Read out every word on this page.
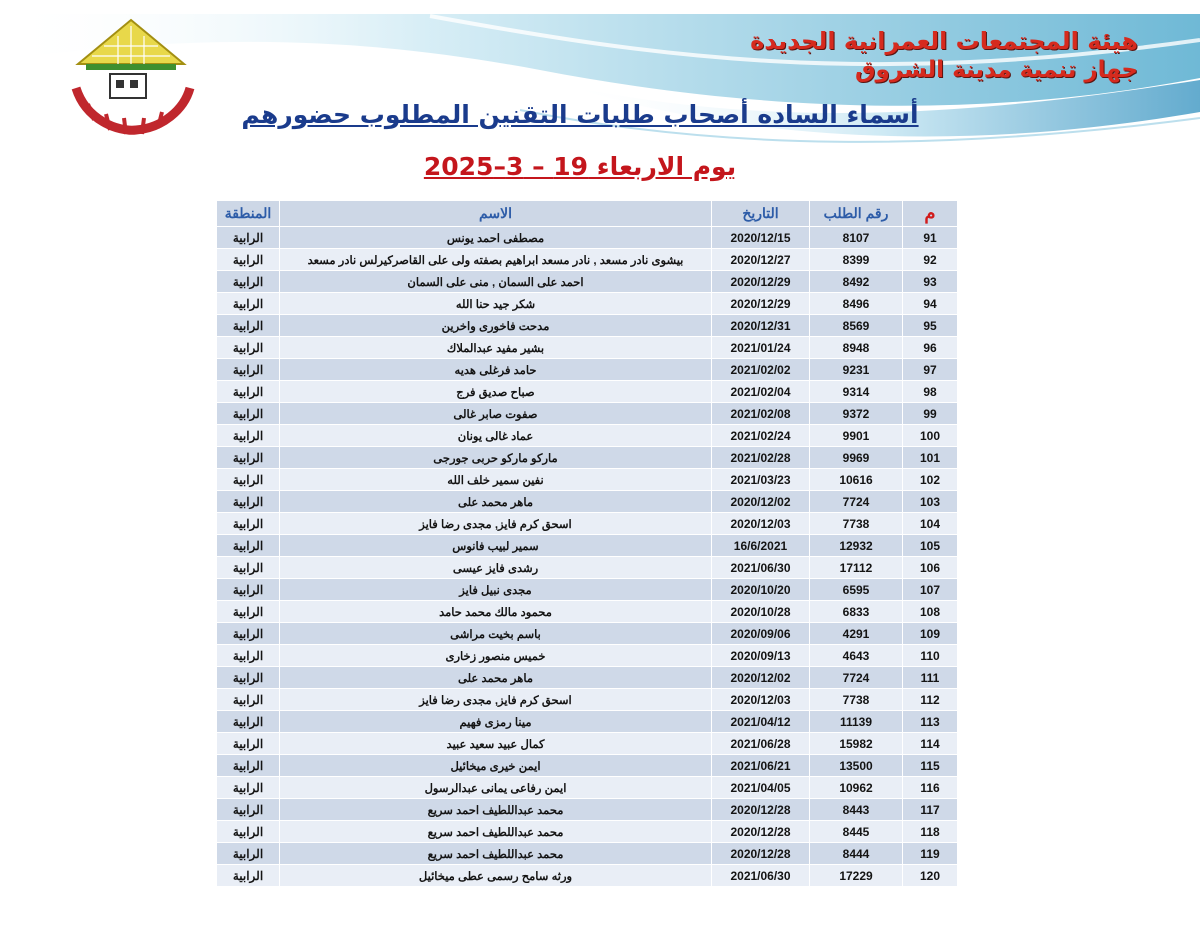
هيئة المجتمعات العمرانية الجديدة
جهاز تنمية مدينة الشروق
أسماء الساده أصحاب طلبات التقنين المطلوب حضورهم
يوم الاربعاء 19 – 3–2025
م	رقم الطلب	التاريخ	الاسم	المنطقة
91	8107	2020/12/15	مصطفى احمد يونس	الرابية
92	8399	2020/12/27	بيشوى نادر مسعد , نادر مسعد ابراهيم بصفته ولى على القاصركيرلس نادر مسعد	الرابية
93	8492	2020/12/29	احمد على السمان , منى على السمان	الرابية
94	8496	2020/12/29	شكر جيد حنا الله	الرابية
95	8569	2020/12/31	مدحت فاخورى واخرين	الرابية
96	8948	2021/01/24	بشير مفيد عبدالملاك	الرابية
97	9231	2021/02/02	حامد فرغلى هديه	الرابية
98	9314	2021/02/04	صباح صديق فرج	الرابية
99	9372	2021/02/08	صفوت صابر غالى	الرابية
100	9901	2021/02/24	عماد غالى يونان	الرابية
101	9969	2021/02/28	ماركو ماركو حربى جورجى	الرابية
102	10616	2021/03/23	نفين سمير خلف الله	الرابية
103	7724	2020/12/02	ماهر محمد على	الرابية
104	7738	2020/12/03	اسحق كرم فايز, مجدى رضا فايز	الرابية
105	12932	16/6/2021	سمير لبيب فانوس	الرابية
106	17112	2021/06/30	رشدى فايز عيسى	الرابية
107	6595	2020/10/20	مجدى نبيل فايز	الرابية
108	6833	2020/10/28	محمود مالك محمد حامد	الرابية
109	4291	2020/09/06	باسم بخيت مراشى	الرابية
110	4643	2020/09/13	خميس منصور زخارى	الرابية
111	7724	2020/12/02	ماهر محمد على	الرابية
112	7738	2020/12/03	اسحق كرم فايز, مجدى رضا فايز	الرابية
113	11139	2021/04/12	مينا رمزى فهيم	الرابية
114	15982	2021/06/28	كمال عبيد سعيد عبيد	الرابية
115	13500	2021/06/21	ايمن خيرى ميخائيل	الرابية
116	10962	2021/04/05	ايمن رفاعى يمانى عبدالرسول	الرابية
117	8443	2020/12/28	محمد عبداللطيف احمد سريع	الرابية
118	8445	2020/12/28	محمد عبداللطيف احمد سريع	الرابية
119	8444	2020/12/28	محمد عبداللطيف احمد سريع	الرابية
120	17229	2021/06/30	ورثه سامح رسمى عطى ميخائيل	الرابية
